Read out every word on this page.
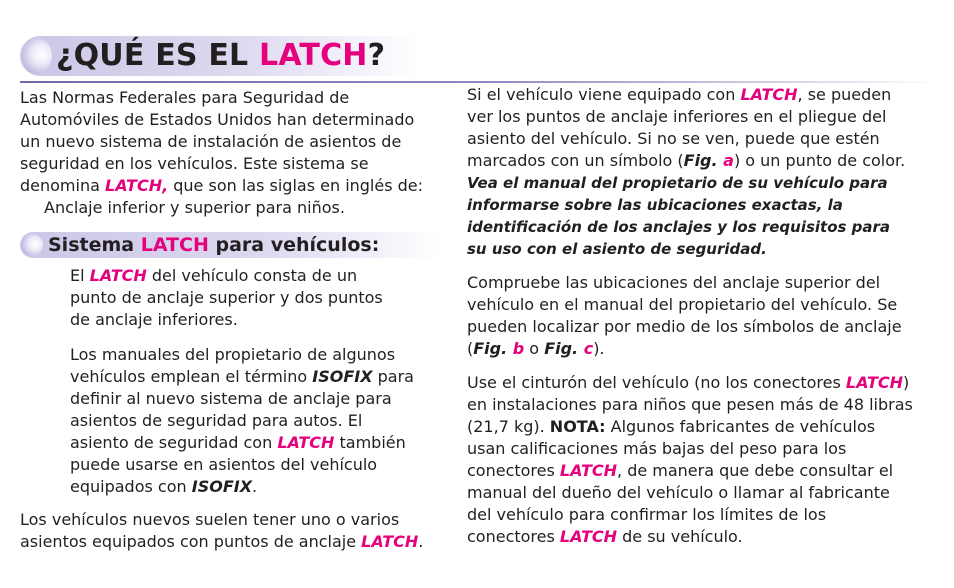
¿QUÉ ES EL LATCH?

Las Normas Federales para Seguridad de
Automóviles de Estados Unidos han determinado
un nuevo sistema de instalación de asientos de
seguridad en los vehículos. Este sistema se
denomina LATCH, que son las siglas en inglés de:
Anclaje inferior y superior para niños.

Sistema LATCH para vehículos:

El LATCH del vehículo consta de un
punto de anclaje superior y dos puntos
de anclaje inferiores.

Los manuales del propietario de algunos
vehículos emplean el término ISOFIX para
definir al nuevo sistema de anclaje para
asientos de seguridad para autos. El
asiento de seguridad con LATCH también
puede usarse en asientos del vehículo
equipados con ISOFIX.

Los vehículos nuevos suelen tener uno o varios
asientos equipados con puntos de anclaje LATCH.

Si el vehículo viene equipado con LATCH, se pueden
ver los puntos de anclaje inferiores en el pliegue del
asiento del vehículo. Si no se ven, puede que estén
marcados con un símbolo (Fig. a) o un punto de color.

Vea el manual del propietario de su vehículo para
informarse sobre las ubicaciones exactas, la
identificación de los anclajes y los requisitos para
su uso con el asiento de seguridad.

Compruebe las ubicaciones del anclaje superior del
vehículo en el manual del propietario del vehículo. Se
pueden localizar por medio de los símbolos de anclaje
(Fig. b o Fig. c).

Use el cinturón del vehículo (no los conectores LATCH)
en instalaciones para niños que pesen más de 48 libras
(21,7 kg). NOTA: Algunos fabricantes de vehículos
usan calificaciones más bajas del peso para los
conectores LATCH, de manera que debe consultar el
manual del dueño del vehículo o llamar al fabricante
del vehículo para confirmar los límites de los
conectores LATCH de su vehículo.
